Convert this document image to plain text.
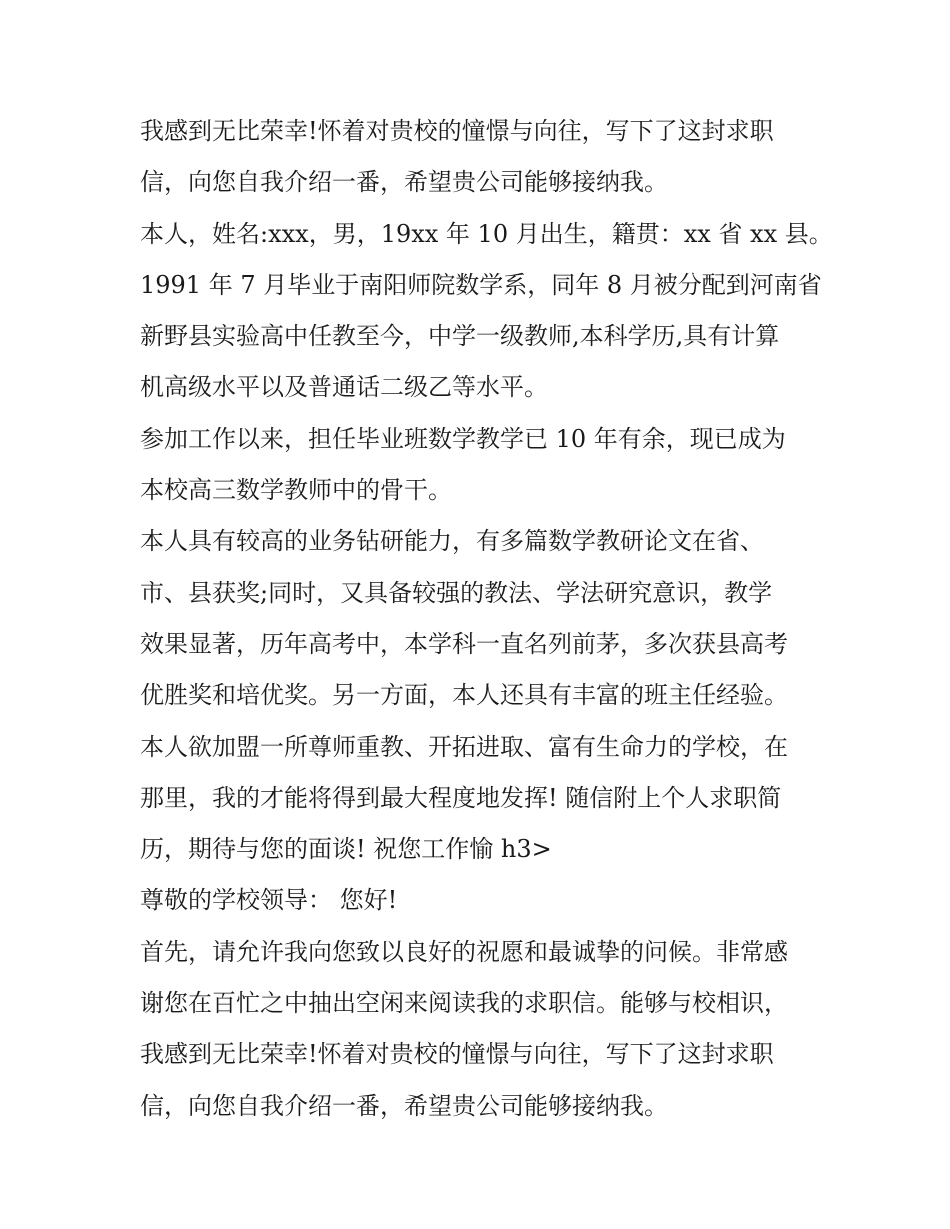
我感到无比荣幸!怀着对贵校的憧憬与向往，写下了这封求职
信，向您自我介绍一番，希望贵公司能够接纳我。
本人，姓名:xxx，男，19xx 年 10 月出生，籍贯：xx 省 xx 县。
1991 年 7 月毕业于南阳师院数学系，同年 8 月被分配到河南省
新野县实验高中任教至今，中学一级教师,本科学历,具有计算
机高级水平以及普通话二级乙等水平。
参加工作以来，担任毕业班数学教学已 10 年有余，现已成为
本校高三数学教师中的骨干。
本人具有较高的业务钻研能力，有多篇数学教研论文在省、
市、县获奖;同时，又具备较强的教法、学法研究意识，教学
效果显著，历年高考中，本学科一直名列前茅，多次获县高考
优胜奖和培优奖。另一方面，本人还具有丰富的班主任经验。
本人欲加盟一所尊师重教、开拓进取、富有生命力的学校，在
那里，我的才能将得到最大程度地发挥! 随信附上个人求职简
历，期待与您的面谈! 祝您工作愉 h3>
尊敬的学校领导： 您好!
首先，请允许我向您致以良好的祝愿和最诚挚的问候。非常感
谢您在百忙之中抽出空闲来阅读我的求职信。能够与校相识，
我感到无比荣幸!怀着对贵校的憧憬与向往，写下了这封求职
信，向您自我介绍一番，希望贵公司能够接纳我。
